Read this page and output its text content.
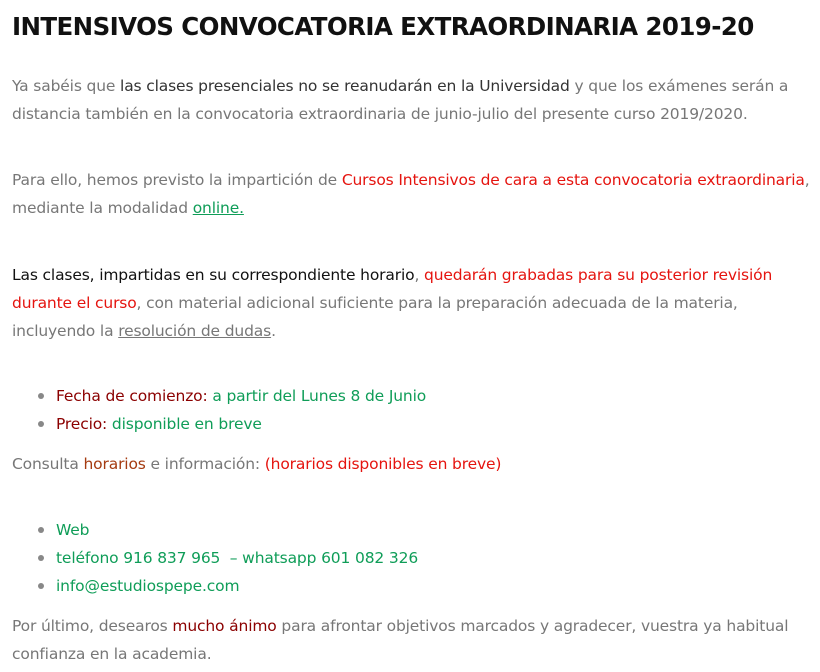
INTENSIVOS CONVOCATORIA EXTRAORDINARIA 2019-20

Ya sabéis que las clases presenciales no se reanudarán en la Universidad y que los exámenes serán a distancia también en la convocatoria extraordinaria de junio-julio del presente curso 2019/2020.

Para ello, hemos previsto la impartición de Cursos Intensivos de cara a esta convocatoria extraordinaria, mediante la modalidad online.

Las clases, impartidas en su correspondiente horario, quedarán grabadas para su posterior revisión durante el curso, con material adicional suficiente para la preparación adecuada de la materia, incluyendo la resolución de dudas.

Fecha de comienzo: a partir del Lunes 8 de Junio
Precio: disponible en breve

Consulta horarios e información: (horarios disponibles en breve)

Web
teléfono 916 837 965  – whatsapp 601 082 326
info@estudiospepe.com

Por último, desearos mucho ánimo para afrontar objetivos marcados y agradecer, vuestra ya habitual confianza en la academia.
